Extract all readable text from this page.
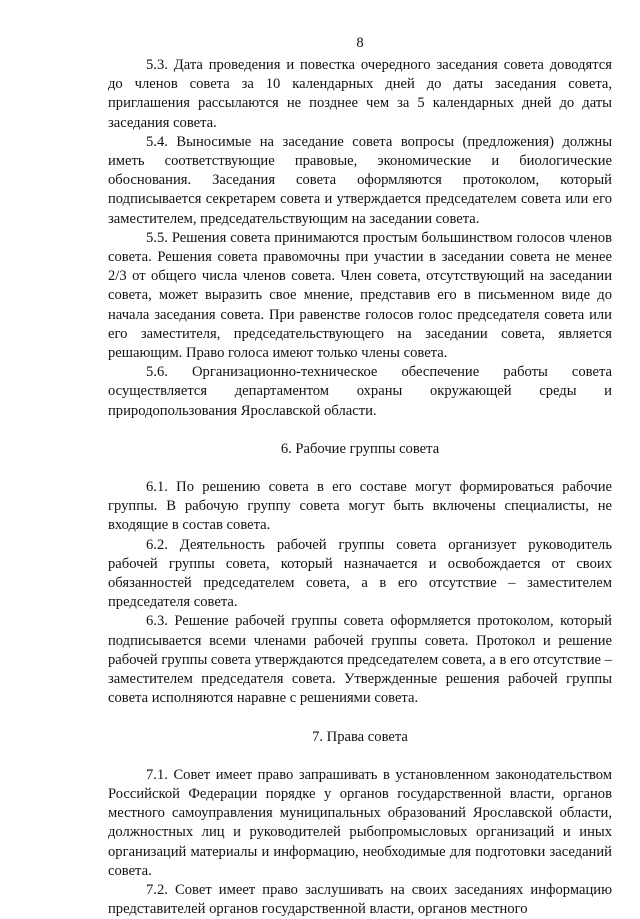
8

5.3. Дата проведения и повестка очередного заседания совета доводятся до членов совета за 10 календарных дней до даты заседания совета, приглашения рассылаются не позднее чем за 5 календарных дней до даты заседания совета.

5.4. Выносимые на заседание совета вопросы (предложения) должны иметь соответствующие правовые, экономические и биологические обоснования. Заседания совета оформляются протоколом, который подписывается секретарем совета и утверждается председателем совета или его заместителем, председательствующим на заседании совета.

5.5. Решения совета принимаются простым большинством голосов членов совета. Решения совета правомочны при участии в заседании совета не менее 2/3 от общего числа членов совета. Член совета, отсутствующий на заседании совета, может выразить свое мнение, представив его в письменном виде до начала заседания совета. При равенстве голосов голос председателя совета или его заместителя, председательствующего на заседании совета, является решающим. Право голоса имеют только члены совета.

5.6. Организационно-техническое обеспечение работы совета осуществляется департаментом охраны окружающей среды и природопользования Ярославской области.

6. Рабочие группы совета

6.1. По решению совета в его составе могут формироваться рабочие группы. В рабочую группу совета могут быть включены специалисты, не входящие в состав совета.

6.2. Деятельность рабочей группы совета организует руководитель рабочей группы совета, который назначается и освобождается от своих обязанностей председателем совета, а в его отсутствие – заместителем председателя совета.

6.3. Решение рабочей группы совета оформляется протоколом, который подписывается всеми членами рабочей группы совета. Протокол и решение рабочей группы совета утверждаются председателем совета, а в его отсутствие – заместителем председателя совета. Утвержденные решения рабочей группы совета исполняются наравне с решениями совета.

7. Права совета

7.1. Совет имеет право запрашивать в установленном законодательством Российской Федерации порядке у органов государственной власти, органов местного самоуправления муниципальных образований Ярославской области, должностных лиц и руководителей рыбопромысловых организаций и иных организаций материалы и информацию, необходимые для подготовки заседаний совета.

7.2. Совет имеет право заслушивать на своих заседаниях информацию представителей органов государственной власти, органов местного
